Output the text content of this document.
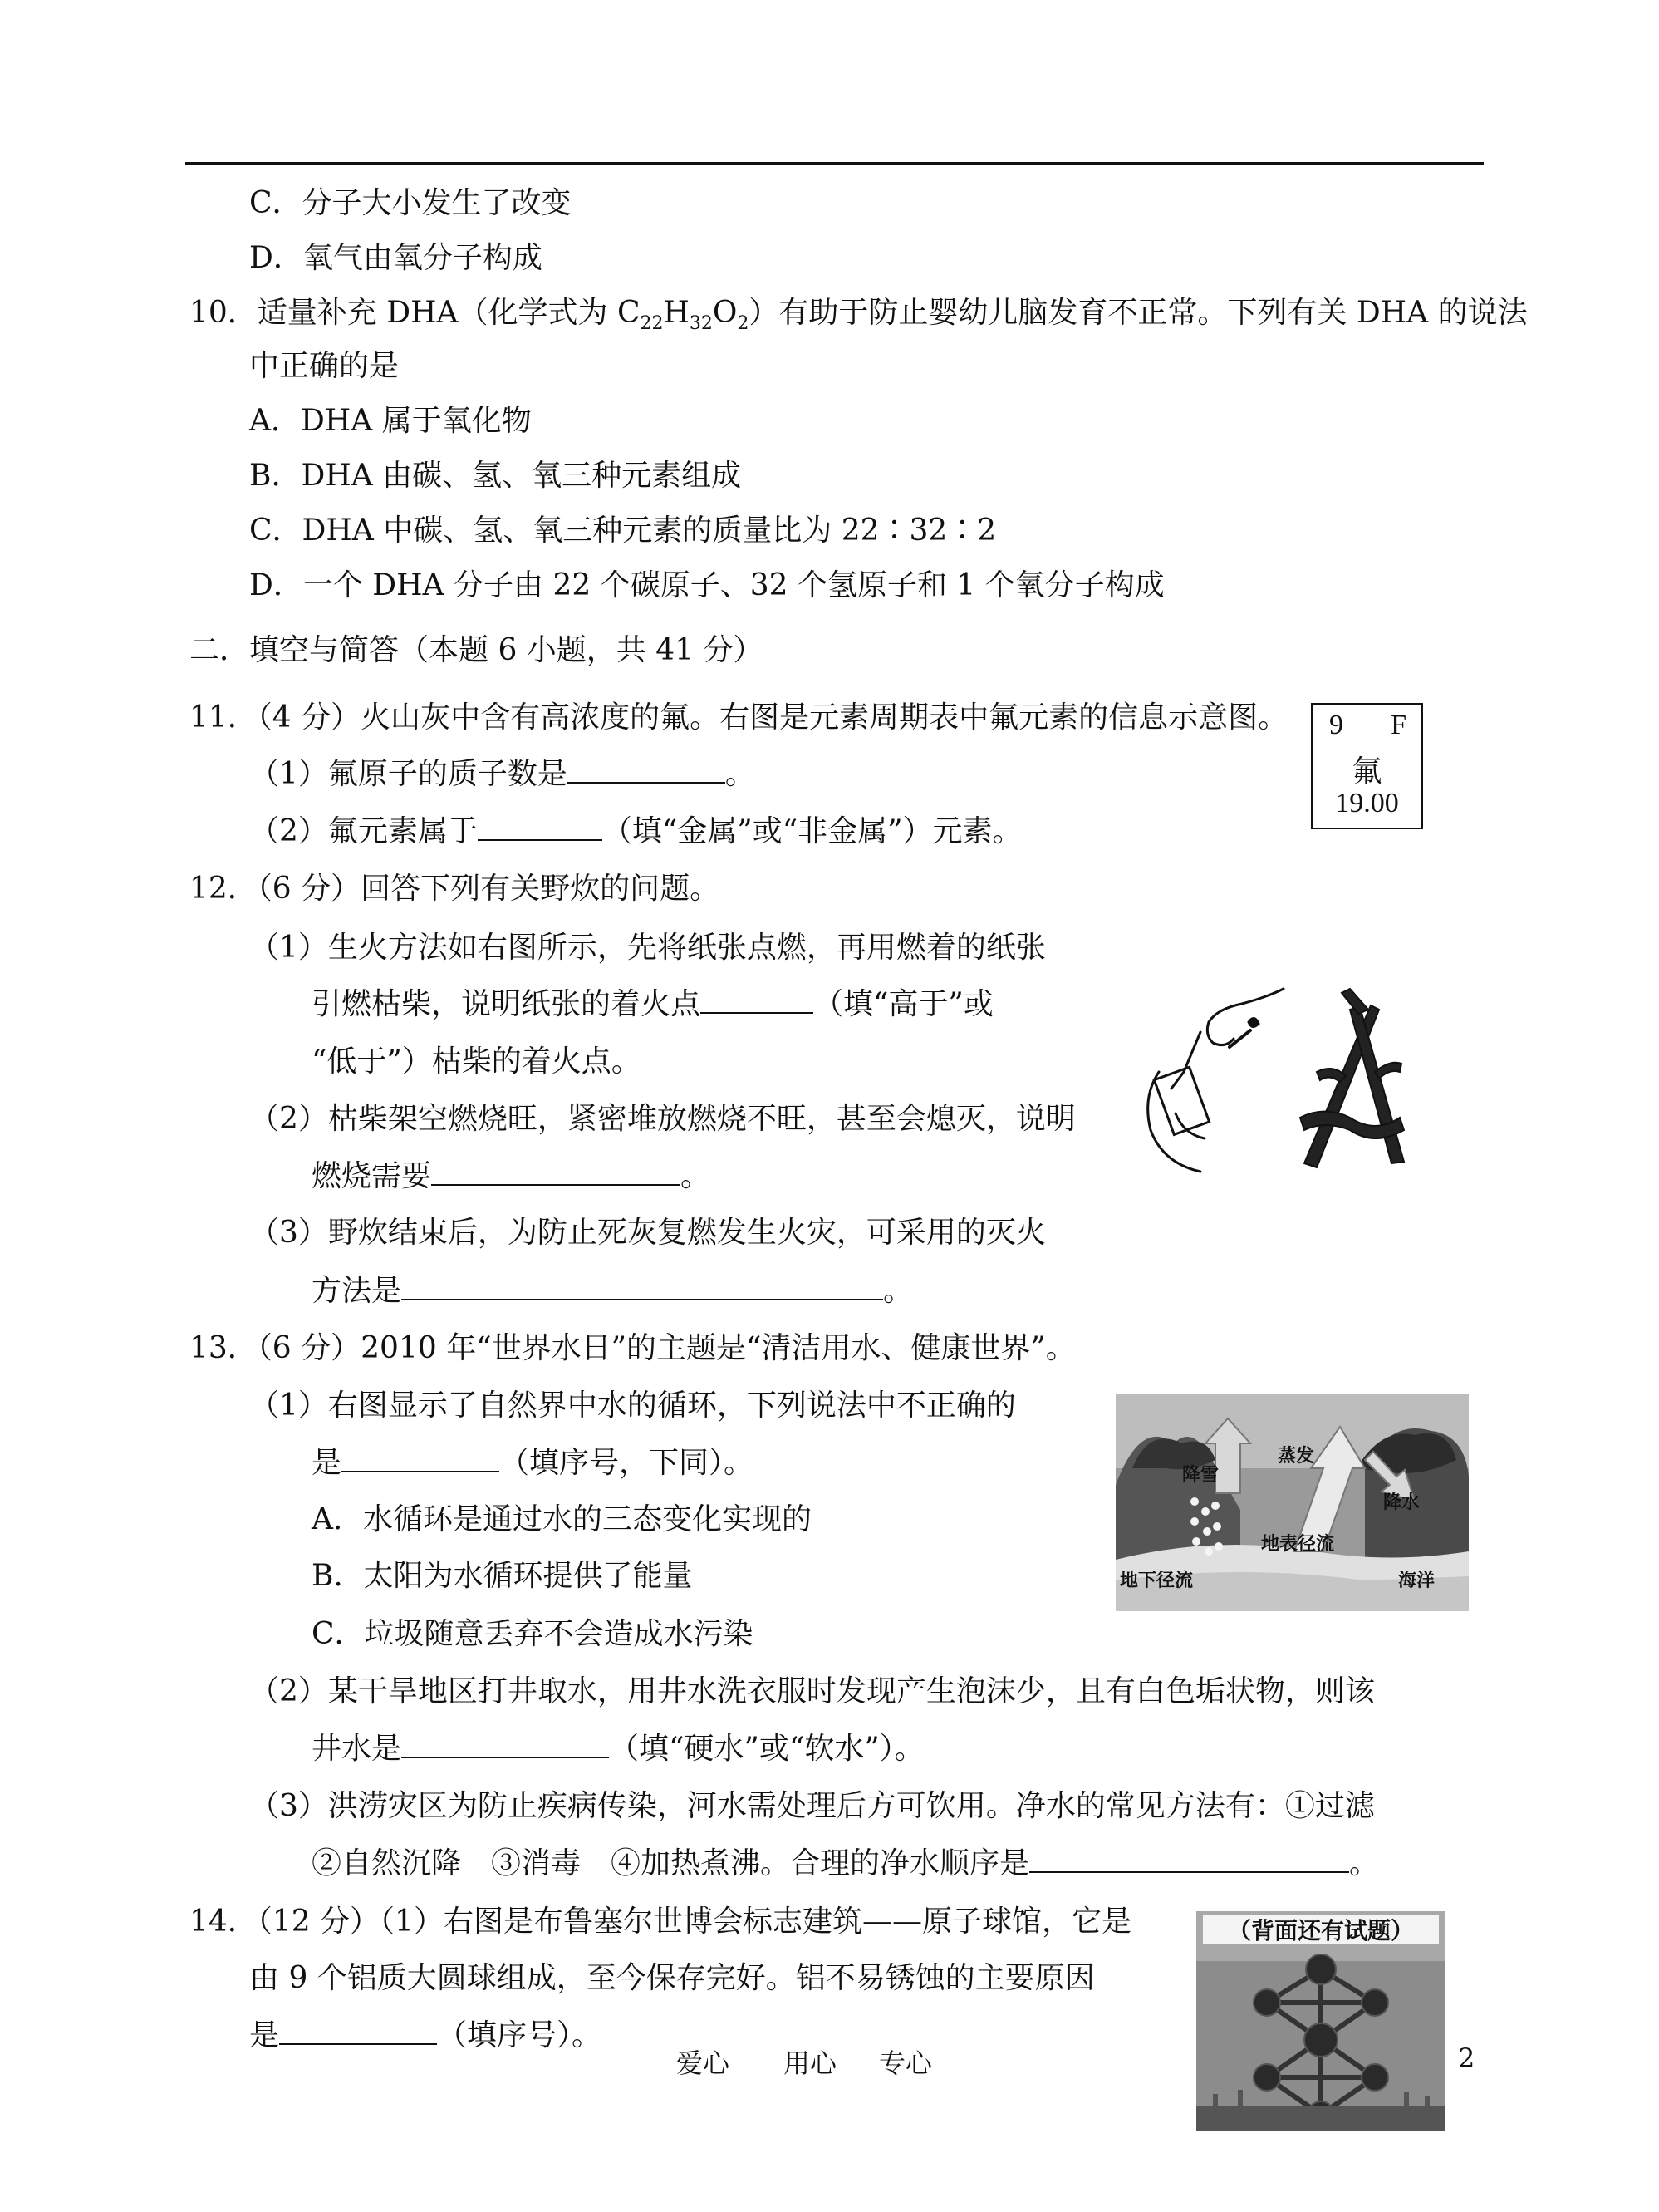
C．分子大小发生了改变
D．氧气由氧分子构成
10．适量补充 DHA（化学式为 $C_{22}H_{32}O_2$）有助于防止婴幼儿脑发育不正常。下列有关 DHA 的说法
中正确的是
A．DHA 属于氧化物
B．DHA 由碳、氢、氧三种元素组成
C．DHA 中碳、氢、氧三种元素的质量比为 22∶32∶2
D．一个 DHA 分子由 22 个碳原子、32 个氢原子和 1 个氧分子构成
二．填空与简答（本题 6 小题，共 41 分）
11．（4 分）火山灰中含有高浓度的氟。右图是元素周期表中氟元素的信息示意图。
（1）氟原子的质子数是	。
（2）氟元素属于	（填“金属”或“非金属”）元素。
9 F
氟
19.00
12．（6 分）回答下列有关野炊的问题。
（1）生火方法如右图所示，先将纸张点燃，再用燃着的纸张
引燃枯柴，说明纸张的着火点	（填“高于”或
“低于”）枯柴的着火点。
（2）枯柴架空燃烧旺，紧密堆放燃烧不旺，甚至会熄灭，说明
燃烧需要	。
（3）野炊结束后，为防止死灰复燃发生火灾，可采用的灭火
方法是	。
13．（6 分）2010 年“世界水日”的主题是“清洁用水、健康世界”。
（1）右图显示了自然界中水的循环，下列说法中不正确的
是	（填序号，下同）。
A．水循环是通过水的三态变化实现的
B．太阳为水循环提供了能量
C．垃圾随意丢弃不会造成水污染
（2）某干旱地区打井取水，用井水洗衣服时发现产生泡沫少，且有白色垢状物，则该
井水是	（填“硬水”或“软水”）。
（3）洪涝灾区为防止疾病传染，河水需处理后方可饮用。净水的常见方法有：①过滤
②自然沉降　③消毒　④加热煮沸。合理的净水顺序是	。
蒸发
降雪
降水
地表径流
地下径流	海洋
14．（12 分）（1）右图是布鲁塞尔世博会标志建筑——原子球馆，它是
由 9 个铝质大圆球组成，至今保存完好。铝不易锈蚀的主要原因
是	（填序号）。
（背面还有试题）
爱心 用心 专心	2
